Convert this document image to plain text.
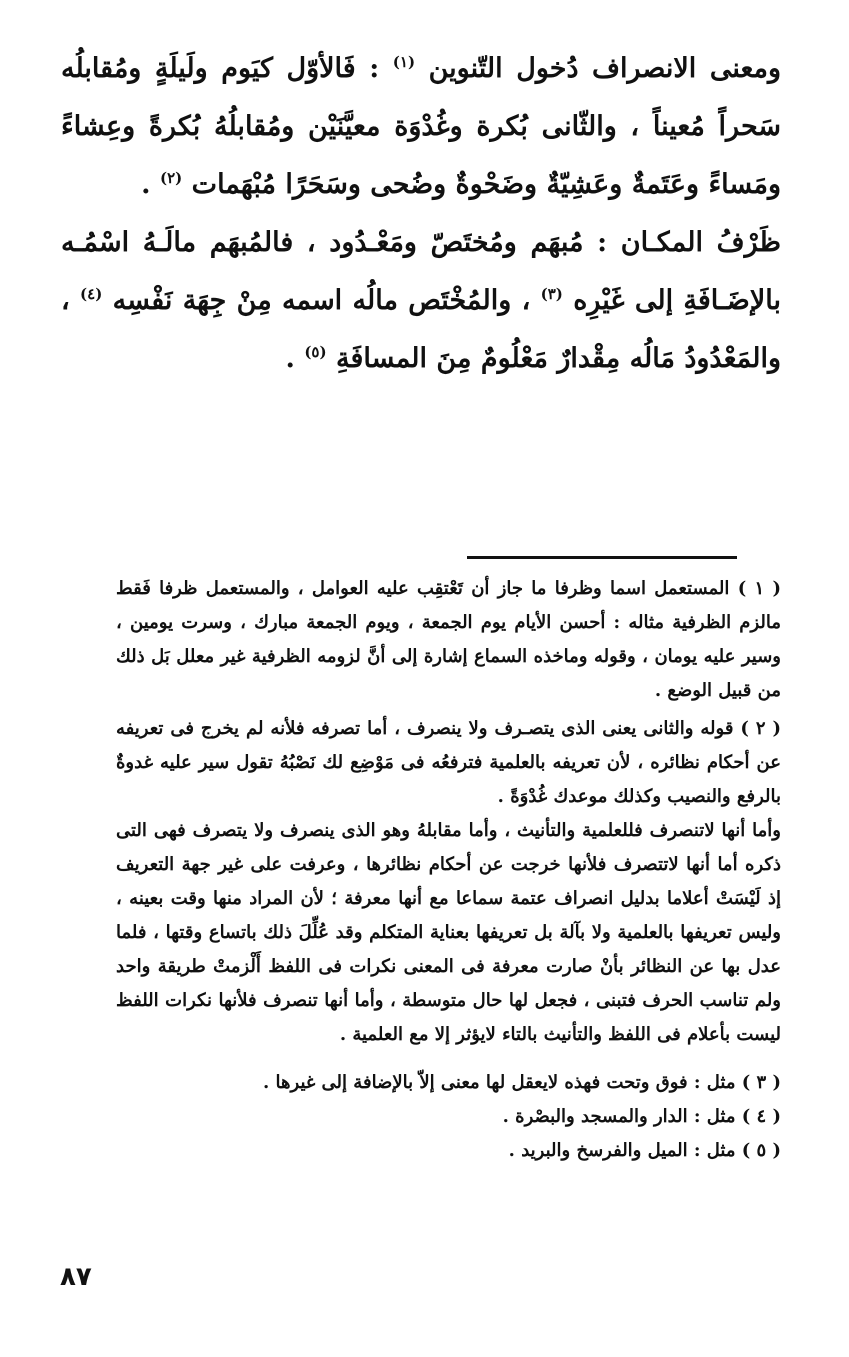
ومعنى الانصراف دُخول التّنوين $^{(١)}$ : فَالأوّل كيَوم ولَيلَةٍ ومُقابلُه سَحراً مُعيناً ، والثّانى بُكرة وغُدْوَة معيَّنَيْن ومُقابلُهُ بُكرةً وعِشاءً ومَساءً وعَتَمةٌ وعَشِيّةٌ وضَحْوةٌ وضُحى وسَحَرًا مُبْهَمات $^{(٢)}$ .

ظَرْفُ المكـان : مُبهَم ومُختَصّ ومَعْـدُود ، فالمُبهَم مالَـهُ اسْمُـه بالإضَـافَةِ إلى غَيْرِه $^{(٣)}$ ، والمُخْتَص مالُه اسمه مِنْ جِهَة نَفْسِه $^{(٤)}$ ، والمَعْدُودُ مَالُه مِقْدارٌ مَعْلُومٌ مِنَ المسافَةِ $^{(٥)}$ .

( ١ ) المستعمل اسما وظرفا ما جاز أن تَعْتقِب عليه العوامل ، والمستعمل ظرفا فَقط مالزم الظرفية مثاله : أحسن الأيام يوم الجمعة ، ويوم الجمعة مبارك ، وسرت يومين ، وسير عليه يومان ، وقوله وماخذه السماع إشارة إلى أنَّ لزومه الظرفية غير معلل بَل ذلك من قبيل الوضع .

( ٢ ) قوله والثانى يعنى الذى يتصـرف ولا ينصرف ، أما تصرفه فلأنه لم يخرج فى تعريفه عن أحكام نظائره ، لأن تعريفه بالعلمية فترفعُه فى مَوْضِع لك نَصْبُهُ تقول سير عليه غدوةٌ بالرفع والنصيب وكذلك موعدك غُدْوَةً .

وأما أنها لاتنصرف فللعلمية والتأنيث ، وأما مقابلهُ وهو الذى ينصرف ولا يتصرف فهى التى ذكره أما أنها لاتتصرف فلأنها خرجت عن أحكام نظائرها ، وعرفت على غير جهة التعريف إذ لَيْسَتْ أعلاما بدليل انصراف عتمة سماعا مع أنها معرفة ؛ لأن المراد منها وقت بعينه ، وليس تعريفها بالعلمية ولا بآلة بل تعريفها بعناية المتكلم وقد عُلِّلَ ذلك باتساع وقتها ، فلما عدل بها عن النظائر بأنْ صارت معرفة فى المعنى نكرات فى اللفظ أَلْزمتْ طريقة واحد ولم تناسب الحرف فتبنى ، فجعل لها حال متوسطة ، وأما أنها تنصرف فلأنها نكرات اللفظ ليست بأعلام فى اللفظ والتأنيث بالتاء لايؤثر إلا مع العلمية .

( ٣ ) مثل : فوق وتحت فهذه لايعقل لها معنى إلاّ بالإضافة إلى غيرها .

( ٤ ) مثل : الدار والمسجد والبصْرة .

( ٥ ) مثل : الميل والفرسخ والبريد .

٨٧
